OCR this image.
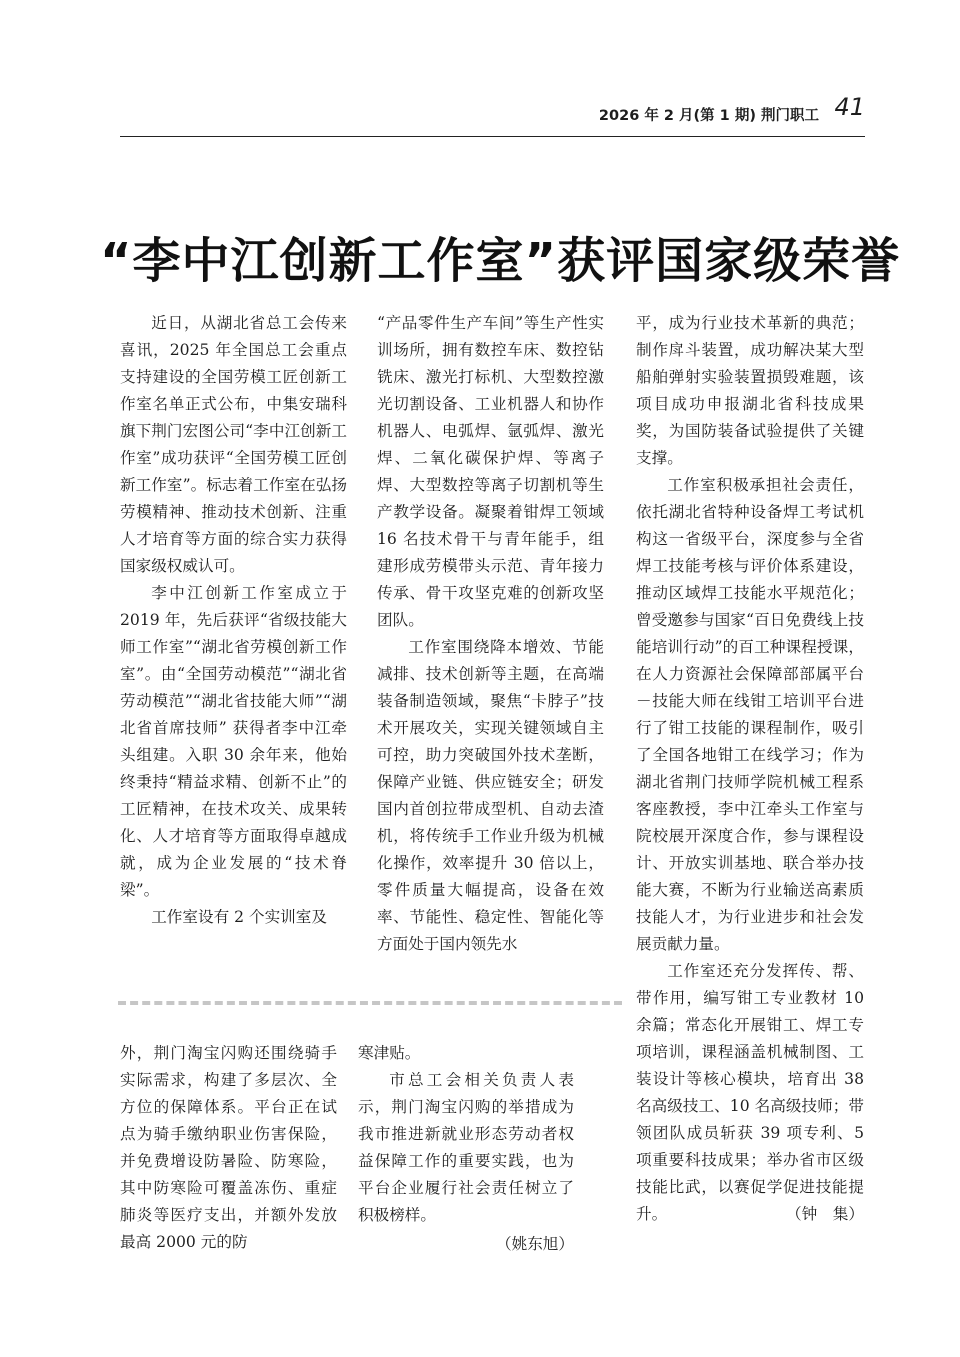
2026 年 2 月(第 1 期) 荆门职工 41
“李中江创新工作室”获评国家级荣誉

近日，从湖北省总工会传来喜讯，2025 年全国总工会重点支持建设的全国劳模工匠创新工作室名单正式公布，中集安瑞科旗下荆门宏图公司“李中江创新工作室”成功获评“全国劳模工匠创新工作室”。标志着工作室在弘扬劳模精神、推动技术创新、注重人才培育等方面的综合实力获得国家级权威认可。

李中江创新工作室成立于 2019 年，先后获评“省级技能大师工作室”“湖北省劳模创新工作室”。由“全国劳动模范”“湖北省劳动模范”“湖北省技能大师”“湖北省首席技师” 获得者李中江牵头组建。入职 30 余年来，他始终秉持“精益求精、创新不止”的工匠精神，在技术攻关、成果转化、人才培育等方面取得卓越成就，成为企业发展的“技术脊梁”。

工作室设有 2 个实训室及

“产品零件生产车间”等生产性实训场所，拥有数控车床、数控钻铣床、激光打标机、大型数控激光切割设备、工业机器人和协作机器人、电弧焊、氩弧焊、激光焊、二氧化碳保护焊、等离子焊、大型数控等离子切割机等生产教学设备。凝聚着钳焊工领域 16 名技术骨干与青年能手，组建形成劳模带头示范、青年接力传承、骨干攻坚克难的创新攻坚团队。

工作室围绕降本增效、节能减排、技术创新等主题，在高端装备制造领域，聚焦“卡脖子”技术开展攻关，实现关键领域自主可控，助力突破国外技术垄断，保障产业链、供应链安全；研发国内首创拉带成型机、自动去渣机，将传统手工作业升级为机械化操作，效率提升 30 倍以上，零件质量大幅提高，设备在效率、节能性、稳定性、智能化等方面处于国内领先水

平，成为行业技术革新的典范；制作戽斗装置，成功解决某大型船舶弹射实验装置损毁难题，该项目成功申报湖北省科技成果奖，为国防装备试验提供了关键支撑。

工作室积极承担社会责任，依托湖北省特种设备焊工考试机构这一省级平台，深度参与全省焊工技能考核与评价体系建设，推动区域焊工技能水平规范化；曾受邀参与国家“百日免费线上技能培训行动”的百工种课程授课，在人力资源社会保障部部属平台－技能大师在线钳工培训平台进行了钳工技能的课程制作，吸引了全国各地钳工在线学习；作为湖北省荆门技师学院机械工程系客座教授，李中江牵头工作室与院校展开深度合作，参与课程设计、开放实训基地、联合举办技能大赛，不断为行业输送高素质技能人才，为行业进步和社会发展贡献力量。

工作室还充分发挥传、帮、带作用，编写钳工专业教材 10 余篇；常态化开展钳工、焊工专项培训，课程涵盖机械制图、工装设计等核心模块，培育出 38 名高级技工、10 名高级技师；带领团队成员斩获 39 项专利、5 项重要科技成果；举办省市区级技能比武，以赛促学促进技能提升。	（钟　集）

外，荆门淘宝闪购还围绕骑手实际需求，构建了多层次、全方位的保障体系。平台正在试点为骑手缴纳职业伤害保险，并免费增设防暑险、防寒险，其中防寒险可覆盖冻伤、重症肺炎等医疗支出，并额外发放最高 2000 元的防

寒津贴。

市总工会相关负责人表示，荆门淘宝闪购的举措成为我市推进新就业形态劳动者权益保障工作的重要实践，也为平台企业履行社会责任树立了积极榜样。

（姚东旭）
